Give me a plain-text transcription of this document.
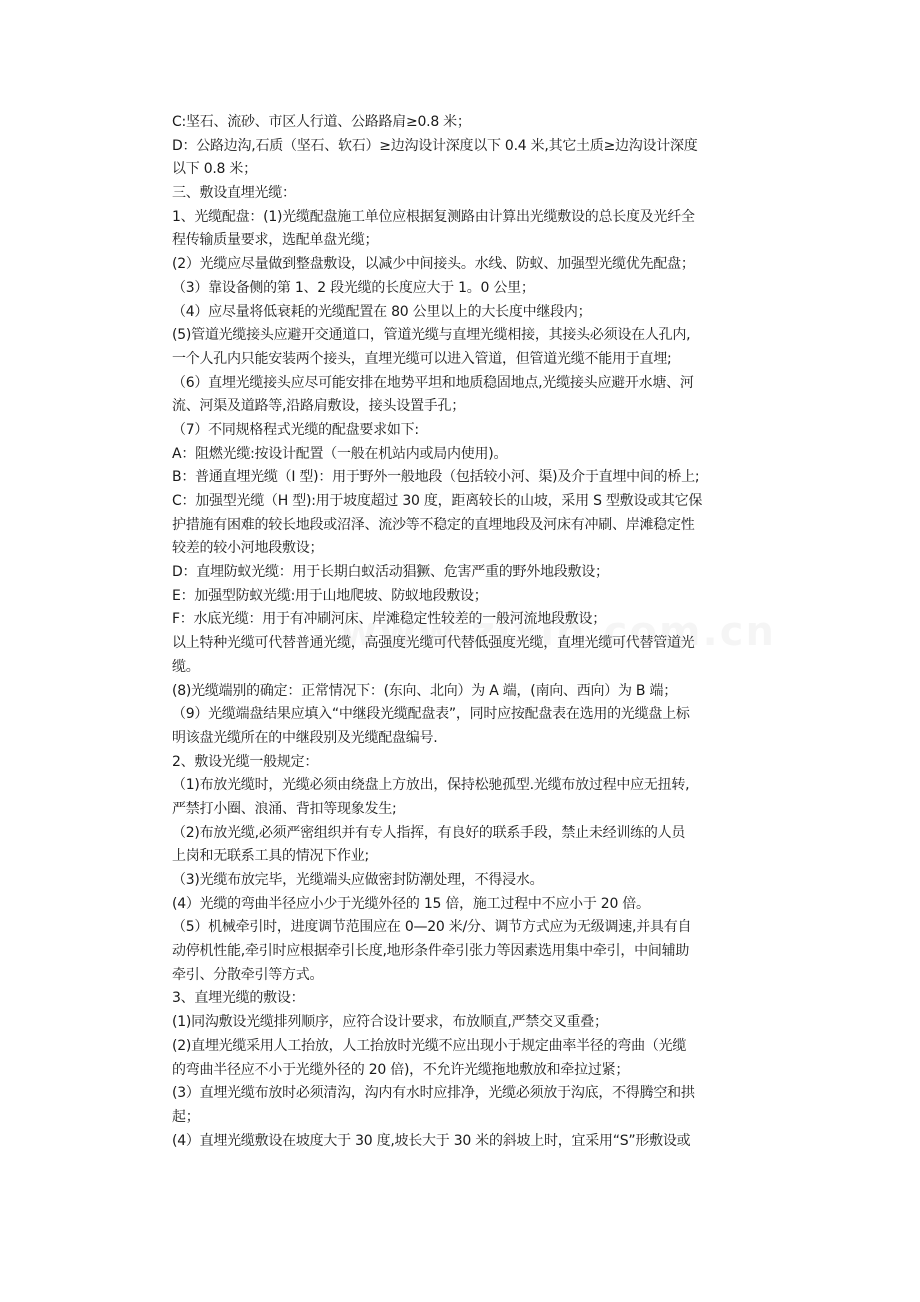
C:坚石、流砂、市区人行道、公路路肩≥0.8 米；
D：公路边沟,石质（坚石、软石）≥边沟设计深度以下 0.4 米,其它土质≥边沟设计深度
以下 0.8 米；
三、敷设直埋光缆：
1、光缆配盘：(1)光缆配盘施工单位应根据复测路由计算出光缆敷设的总长度及光纤全
程传输质量要求，选配单盘光缆；
(2）光缆应尽量做到整盘敷设，以减少中间接头。水线、防蚁、加强型光缆优先配盘；
（3）靠设备侧的第 1、2 段光缆的长度应大于 1。0 公里；
（4）应尽量将低衰耗的光缆配置在 80 公里以上的大长度中继段内；
(5)管道光缆接头应避开交通道口，管道光缆与直埋光缆相接，其接头必须设在人孔内,
一个人孔内只能安装两个接头，直埋光缆可以进入管道，但管道光缆不能用于直埋;
（6）直埋光缆接头应尽可能安排在地势平坦和地质稳固地点,光缆接头应避开水塘、河
流、河渠及道路等,沿路肩敷设，接头设置手孔；
（7）不同规格程式光缆的配盘要求如下:
A：阻燃光缆:按设计配置（一般在机站内或局内使用)。
B：普通直埋光缆（I 型)：用于野外一般地段（包括较小河、渠)及介于直埋中间的桥上;
C：加强型光缆（H 型):用于坡度超过 30 度，距离较长的山坡，采用 S 型敷设或其它保
护措施有困难的较长地段或沼泽、流沙等不稳定的直埋地段及河床有冲刷、岸滩稳定性
较差的较小河地段敷设；
D：直埋防蚁光缆：用于长期白蚁活动猖獗、危害严重的野外地段敷设；
E：加强型防蚁光缆:用于山地爬坡、防蚁地段敷设；
F：水底光缆：用于有冲刷河床、岸滩稳定性较差的一般河流地段敷设；
以上特种光缆可代替普通光缆，高强度光缆可代替低强度光缆，直埋光缆可代替管道光
缆。
(8)光缆端别的确定：正常情况下：(东向、北向）为 A 端，(南向、西向）为 B 端；
（9）光缆端盘结果应填入“中继段光缆配盘表”，同时应按配盘表在选用的光缆盘上标
明该盘光缆所在的中继段别及光缆配盘编号.
2、敷设光缆一般规定：
（1)布放光缆时，光缆必须由绕盘上方放出，保持松驰孤型.光缆布放过程中应无扭转,
严禁打小圈、浪涌、背扣等现象发生;
（2)布放光缆,必须严密组织并有专人指挥，有良好的联系手段，禁止未经训练的人员
上岗和无联系工具的情况下作业;
（3)光缆布放完毕，光缆端头应做密封防潮处理，不得浸水。
(4）光缆的弯曲半径应小少于光缆外径的 15 倍，施工过程中不应小于 20 倍。
（5）机械牵引时，进度调节范围应在 0—20 米/分、调节方式应为无级调速,并具有自
动停机性能,牵引时应根据牵引长度,地形条件牵引张力等因素选用集中牵引，中间辅助
牵引、分散牵引等方式。
3、直埋光缆的敷设：
(1)同沟敷设光缆排列顺序，应符合设计要求，布放顺直,严禁交叉重叠；
(2)直埋光缆采用人工抬放，人工抬放时光缆不应出现小于规定曲率半径的弯曲（光缆
的弯曲半径应不小于光缆外径的 20 倍)，不允许光缆拖地敷放和牵拉过紧；
(3）直埋光缆布放时必须清沟，沟内有水时应排净，光缆必须放于沟底，不得腾空和拱
起；
(4）直埋光缆敷设在坡度大于 30 度,坡长大于 30 米的斜坡上时，宜采用“S”形敷设或
